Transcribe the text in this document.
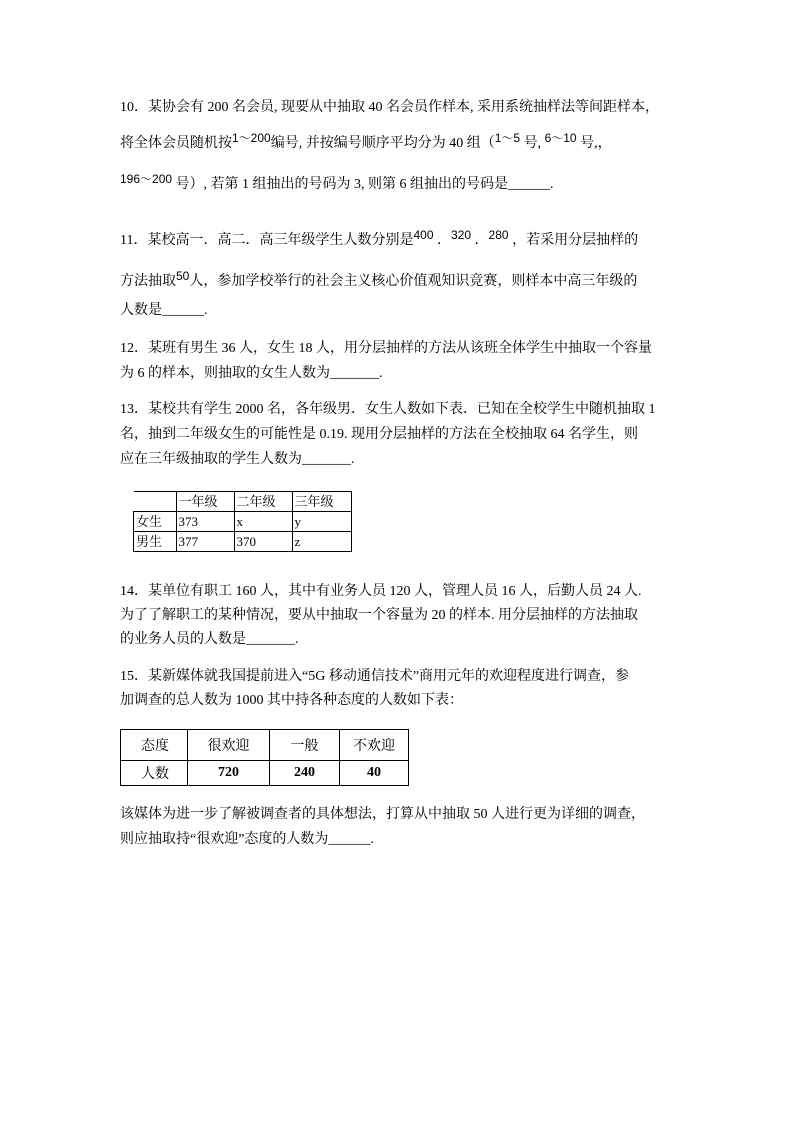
10．某协会有 200 名会员, 现要从中抽取 40 名会员作样本, 采用系统抽样法等间距样本，
将全体会员随机按1～200编号, 并按编号顺序平均分为 40 组（1～5 号, 6～10 号,，
196～200 号）, 若第 1 组抽出的号码为 3, 则第 6 组抽出的号码是______.
11．某校高一．高二．高三年级学生人数分别是400 ．320 ．280 ，若采用分层抽样的
方法抽取50人，参加学校举行的社会主义核心价值观知识竞赛，则样本中高三年级的
人数是______.
12．某班有男生 36 人，女生 18 人，用分层抽样的方法从该班全体学生中抽取一个容量
为 6 的样本，则抽取的女生人数为_______.
13．某校共有学生 2000 名，各年级男．女生人数如下表．已知在全校学生中随机抽取 1
名，抽到二年级女生的可能性是 0.19. 现用分层抽样的方法在全校抽取 64 名学生，则
应在三年级抽取的学生人数为_______.
	一年级	二年级	三年级
女生	373	x	y
男生	377	370	z
14．某单位有职工 160 人，其中有业务人员 120 人，管理人员 16 人，后勤人员 24 人.
为了了解职工的某种情况，要从中抽取一个容量为 20 的样本. 用分层抽样的方法抽取
的业务人员的人数是_______.
15．某新媒体就我国提前进入“5G 移动通信技术”商用元年的欢迎程度进行调查，参
加调查的总人数为 1000 其中持各种态度的人数如下表：
态度	很欢迎	一般	不欢迎
人数	720	240	40
该媒体为进一步了解被调查者的具体想法，打算从中抽取 50 人进行更为详细的调查，
则应抽取持“很欢迎”态度的人数为______.
